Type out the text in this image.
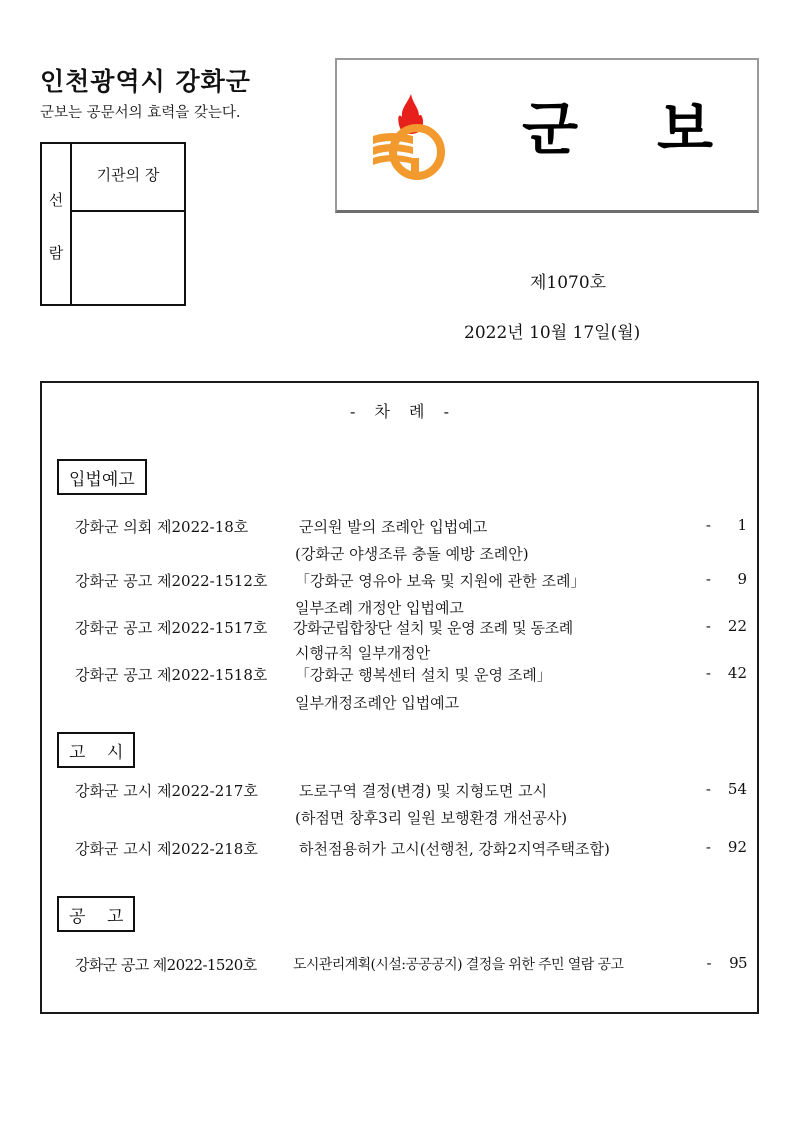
인천광역시 강화군
군보는 공문서의 효력을 갖는다.
선
람
기관의 장
군 보
제1070호
2022년 10월 17일(월)
- 차 례 -
입법예고
강화군 의회 제2022-18호	군의원 발의 조례안 입법예고	-	1
(강화군 야생조류 충돌 예방 조례안)
강화군 공고 제2022-1512호 「강화군 영유아 보육 및 지원에 관한 조례」	-	9
일부조례 개정안 입법예고
강화군 공고 제2022-1517호 강화군립합창단 설치 및 운영 조례 및 동조례	-	22
시행규칙 일부개정안
강화군 공고 제2022-1518호 「강화군 행복센터 설치 및 운영 조례」	-	42
일부개정조례안 입법예고
고    시
강화군 고시 제2022-217호	도로구역 결정(변경) 및 지형도면 고시	-	54
(하점면 창후3리 일원 보행환경 개선공사)
강화군 고시 제2022-218호	하천점용허가 고시(선행천, 강화2지역주택조합)	-	92
공    고
강화군 공고 제2022-1520호	도시관리계획(시설:공공공지) 결정을 위한 주민 열람 공고	-	95
